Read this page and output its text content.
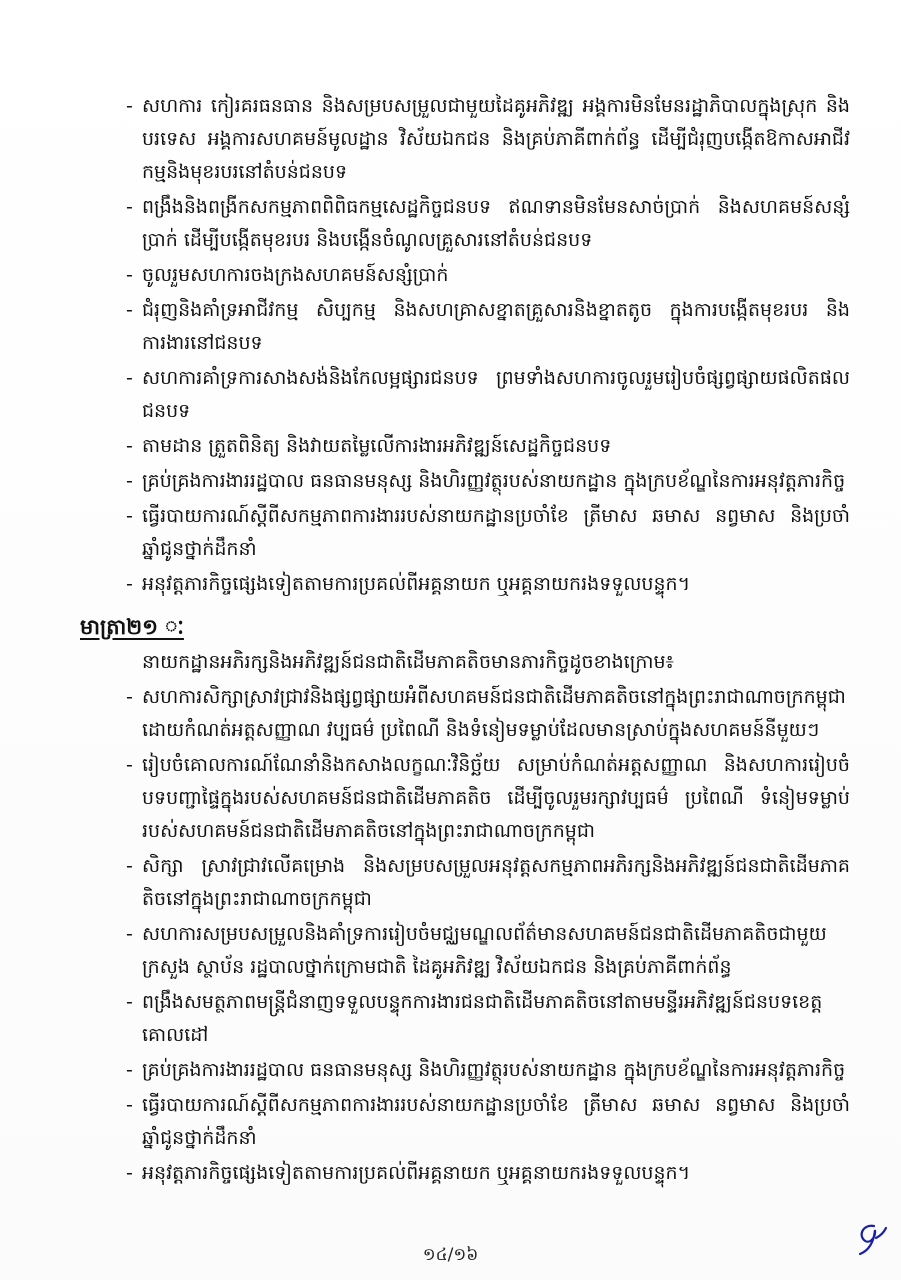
- សហការ កៀរគរធនធាន និងសម្របសម្រួលជាមួយដៃគូអភិវឌ្ឍ អង្គការមិនមែនរដ្ឋាភិបាលក្នុងស្រុក និងបរទេស អង្គការសហគមន៍មូលដ្ឋាន វិស័យឯកជន និងគ្រប់ភាគីពាក់ព័ន្ធ ដើម្បីជំរុញបង្កើតឱកាសអាជីវកម្មនិងមុខរបរនៅតំបន់ជនបទ
- ពង្រឹងនិងពង្រីកសកម្មភាពពិពិធកម្មសេដ្ឋកិច្ចជនបទ ឥណទានមិនមែនសាច់ប្រាក់ និងសហគមន៍សន្សំប្រាក់ ដើម្បីបង្កើតមុខរបរ និងបង្កើនចំណូលគ្រួសារនៅតំបន់ជនបទ
- ចូលរួមសហការចងក្រងសហគមន៍សន្សំប្រាក់
- ជំរុញនិងគាំទ្រអាជីវកម្ម សិប្បកម្ម និងសហគ្រាសខ្នាតគ្រួសារនិងខ្នាតតូច ក្នុងការបង្កើតមុខរបរ និងការងារនៅជនបទ
- សហការគាំទ្រការសាងសង់និងកែលម្អផ្សារជនបទ ព្រមទាំងសហការចូលរួមរៀបចំផ្សព្វផ្សាយផលិតផលជនបទ
- តាមដាន ត្រួតពិនិត្យ និងវាយតម្លៃលើការងារអភិវឌ្ឍន៍សេដ្ឋកិច្ចជនបទ
- គ្រប់គ្រងការងាររដ្ឋបាល ធនធានមនុស្ស និងហិរញ្ញវត្ថុរបស់នាយកដ្ឋាន ក្នុងក្របខ័ណ្ឌនៃការអនុវត្តភារកិច្ច
- ធ្វើរបាយការណ៍ស្តីពីសកម្មភាពការងាររបស់នាយកដ្ឋានប្រចាំខែ ត្រីមាស ឆមាស នព្វមាស និងប្រចាំឆ្នាំជូនថ្នាក់ដឹកនាំ
- អនុវត្តភារកិច្ចផ្សេងទៀតតាមការប្រគល់ពីអគ្គនាយក ឬអគ្គនាយករងទទួលបន្ទុក។
មាត្រា២១ ៈ
នាយកដ្ឋានអភិរក្សនិងអភិវឌ្ឍន៍ជនជាតិដើមភាគតិចមានភារកិច្ចដូចខាងក្រោម៖
- សហការសិក្សាស្រាវជ្រាវនិងផ្សព្វផ្សាយអំពីសហគមន៍ជនជាតិដើមភាគតិចនៅក្នុងព្រះរាជាណាចក្រកម្ពុជា ដោយកំណត់អត្តសញ្ញាណ វប្បធម៌ ប្រពៃណី និងទំនៀមទម្លាប់ដែលមានស្រាប់ក្នុងសហគមន៍នីមួយៗ
- រៀបចំគោលការណ៍ណែនាំនិងកសាងលក្ខណៈវិនិច្ឆ័យ សម្រាប់កំណត់អត្តសញ្ញាណ និងសហការរៀបចំបទបញ្ជាផ្ទៃក្នុងរបស់សហគមន៍ជនជាតិដើមភាគតិច ដើម្បីចូលរួមរក្សាវប្បធម៌ ប្រពៃណី ទំនៀមទម្លាប់របស់សហគមន៍ជនជាតិដើមភាគតិចនៅក្នុងព្រះរាជាណាចក្រកម្ពុជា
- សិក្សា ស្រាវជ្រាវលើគម្រោង និងសម្របសម្រួលអនុវត្តសកម្មភាពអភិរក្សនិងអភិវឌ្ឍន៍ជនជាតិដើមភាគតិចនៅក្នុងព្រះរាជាណាចក្រកម្ពុជា
- សហការសម្របសម្រួលនិងគាំទ្រការរៀបចំមជ្ឈមណ្ឌលព័ត៌មានសហគមន៍ជនជាតិដើមភាគតិចជាមួយក្រសួង ស្ថាប័ន រដ្ឋបាលថ្នាក់ក្រោមជាតិ ដៃគូអភិវឌ្ឍ វិស័យឯកជន និងគ្រប់ភាគីពាក់ព័ន្ធ
- ពង្រឹងសមត្ថភាពមន្ត្រីជំនាញទទួលបន្ទុកការងារជនជាតិដើមភាគតិចនៅតាមមន្ទីរអភិវឌ្ឍន៍ជនបទខេត្តគោលដៅ
- គ្រប់គ្រងការងាររដ្ឋបាល ធនធានមនុស្ស និងហិរញ្ញវត្ថុរបស់នាយកដ្ឋាន ក្នុងក្របខ័ណ្ឌនៃការអនុវត្តភារកិច្ច
- ធ្វើរបាយការណ៍ស្តីពីសកម្មភាពការងាររបស់នាយកដ្ឋានប្រចាំខែ ត្រីមាស ឆមាស នព្វមាស និងប្រចាំឆ្នាំជូនថ្នាក់ដឹកនាំ
- អនុវត្តភារកិច្ចផ្សេងទៀតតាមការប្រគល់ពីអគ្គនាយក ឬអគ្គនាយករងទទួលបន្ទុក។
១៤/១៦
